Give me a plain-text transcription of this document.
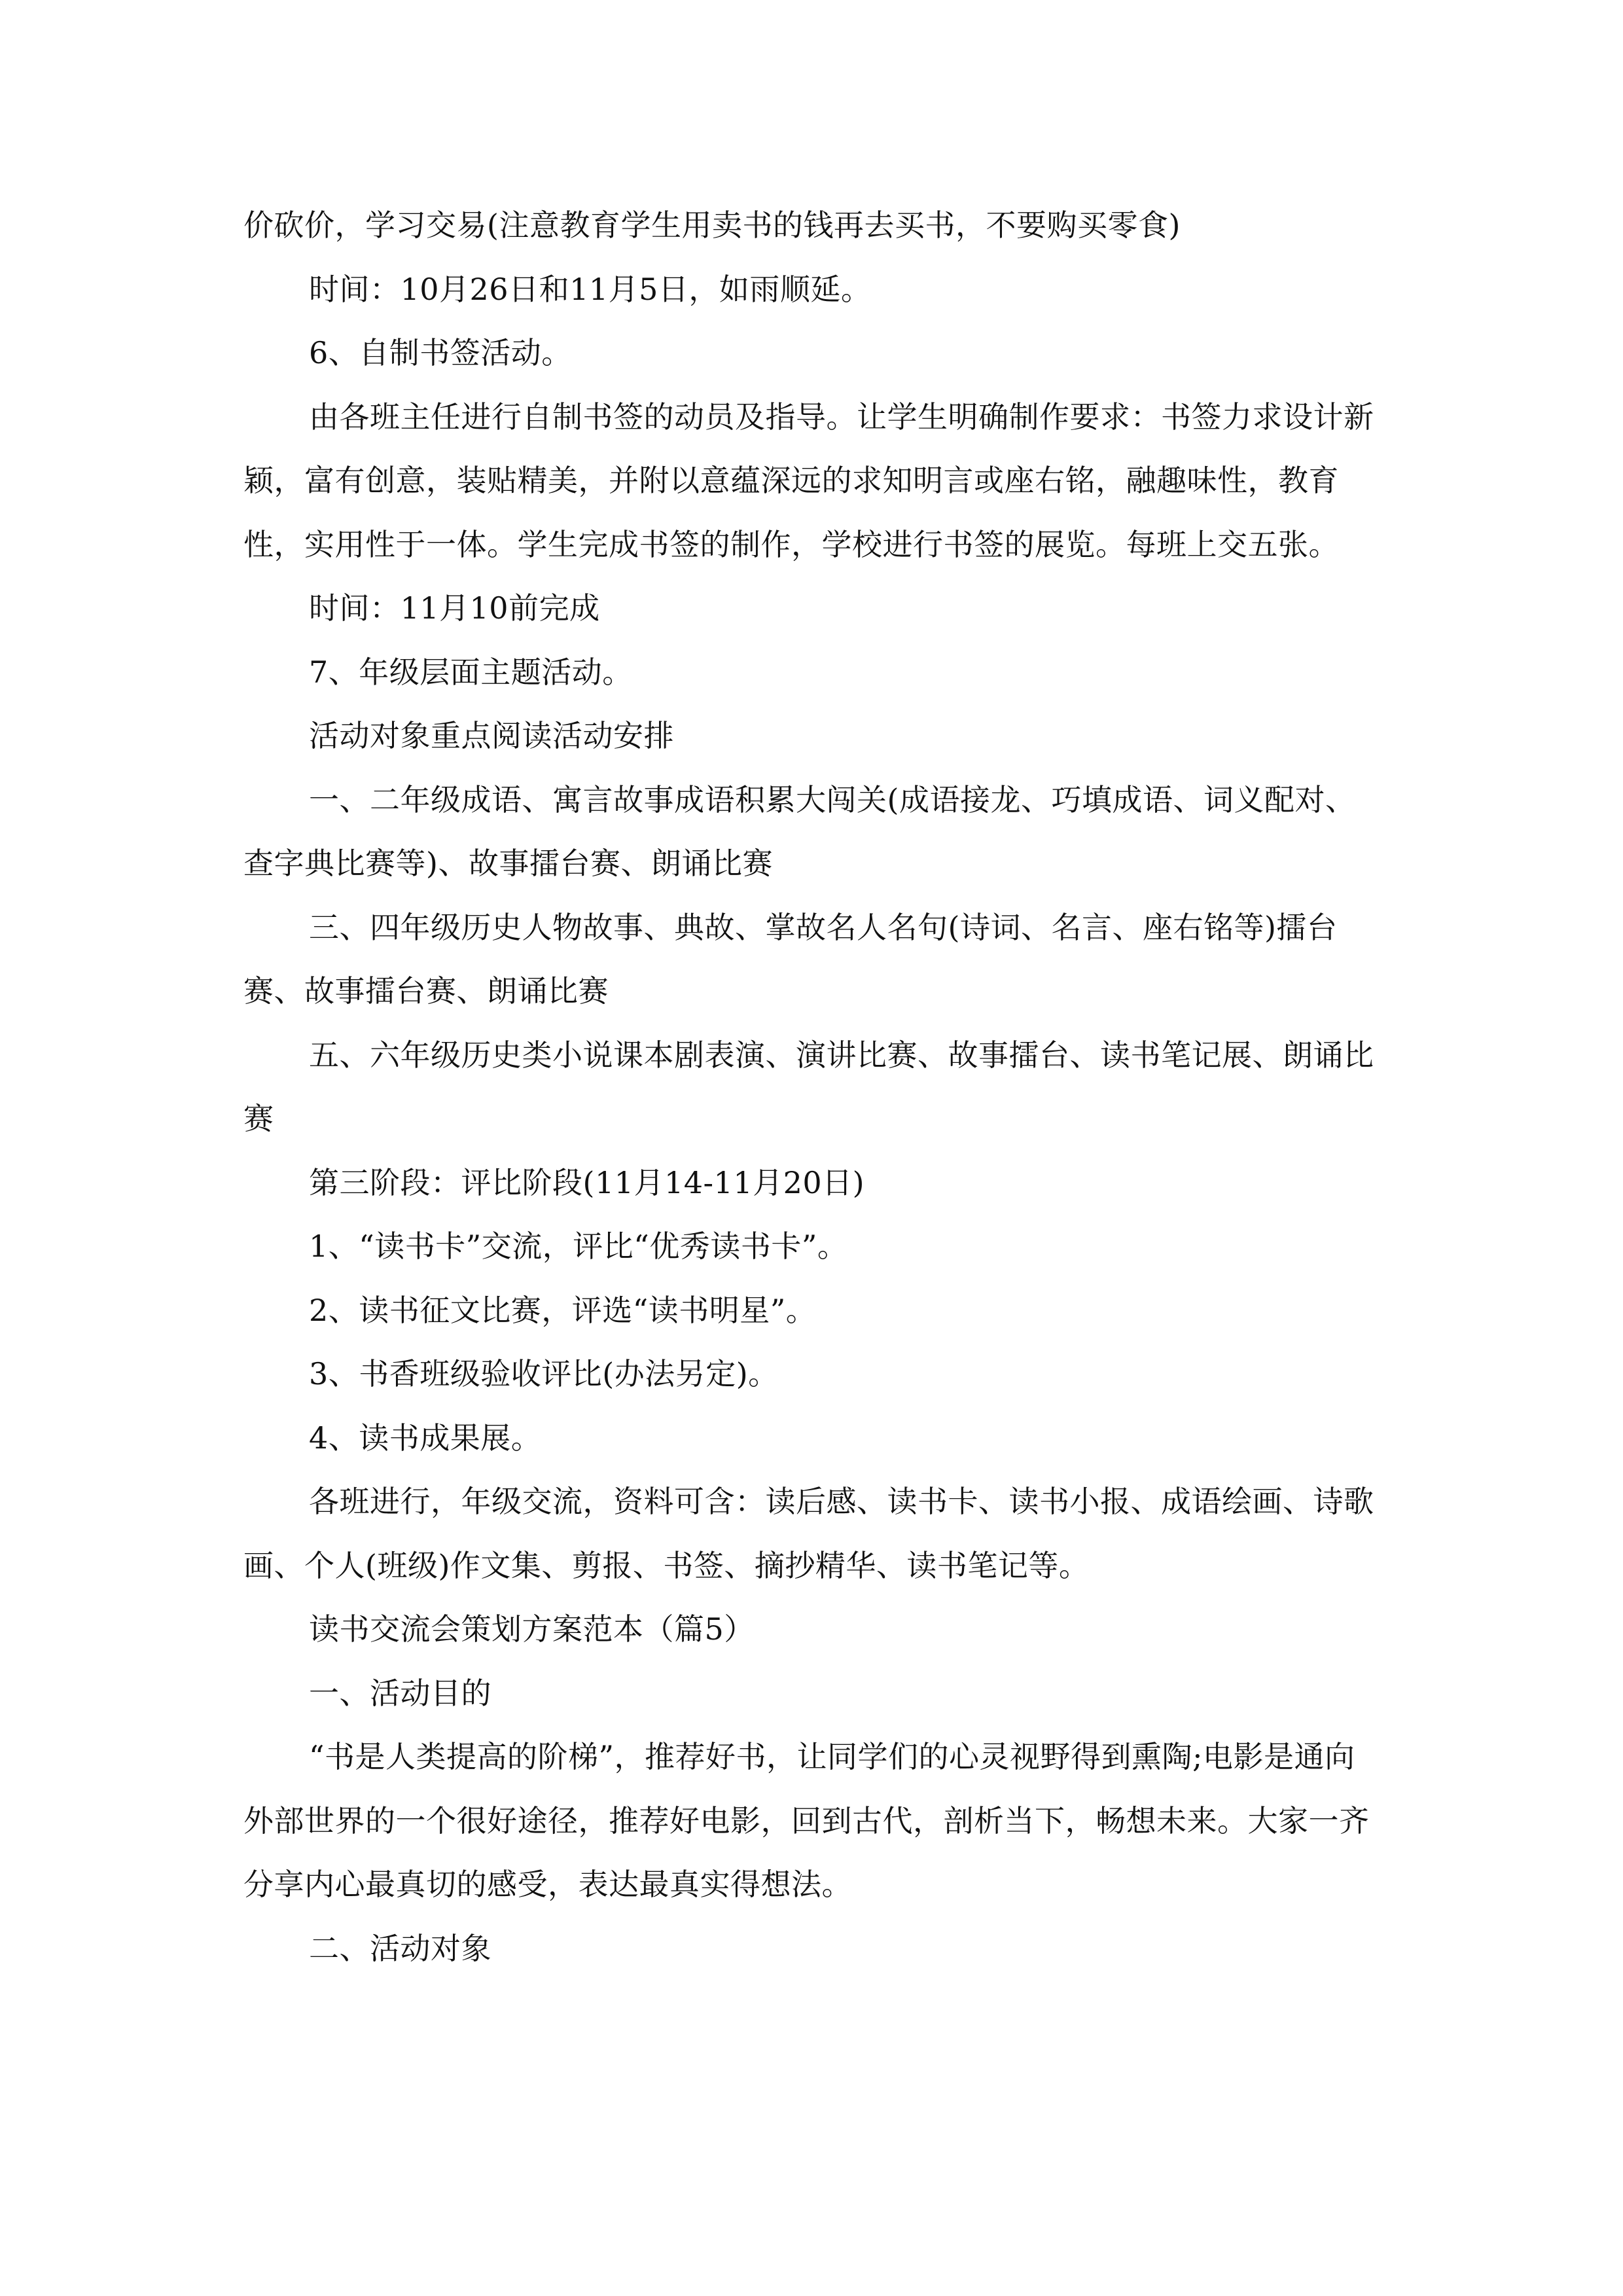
价砍价，学习交易(注意教育学生用卖书的钱再去买书，不要购买零食)

时间：10月26日和11月5日，如雨顺延。

6、自制书签活动。

由各班主任进行自制书签的动员及指导。让学生明确制作要求：书签力求设计新颖，富有创意，装贴精美，并附以意蕴深远的求知明言或座右铭，融趣味性，教育性，实用性于一体。学生完成书签的制作，学校进行书签的展览。每班上交五张。

时间：11月10前完成

7、年级层面主题活动。

活动对象重点阅读活动安排

一、二年级成语、寓言故事成语积累大闯关(成语接龙、巧填成语、词义配对、查字典比赛等)、故事擂台赛、朗诵比赛

三、四年级历史人物故事、典故、掌故名人名句(诗词、名言、座右铭等)擂台赛、故事擂台赛、朗诵比赛

五、六年级历史类小说课本剧表演、演讲比赛、故事擂台、读书笔记展、朗诵比赛

第三阶段：评比阶段(11月14-11月20日)

1、“读书卡”交流，评比“优秀读书卡”。

2、读书征文比赛，评选“读书明星”。

3、书香班级验收评比(办法另定)。

4、读书成果展。

各班进行，年级交流，资料可含：读后感、读书卡、读书小报、成语绘画、诗歌画、个人(班级)作文集、剪报、书签、摘抄精华、读书笔记等。

读书交流会策划方案范本（篇5）

一、活动目的

“书是人类提高的阶梯”，推荐好书，让同学们的心灵视野得到熏陶;电影是通向外部世界的一个很好途径，推荐好电影，回到古代，剖析当下，畅想未来。大家一齐分享内心最真切的感受，表达最真实得想法。

二、活动对象
